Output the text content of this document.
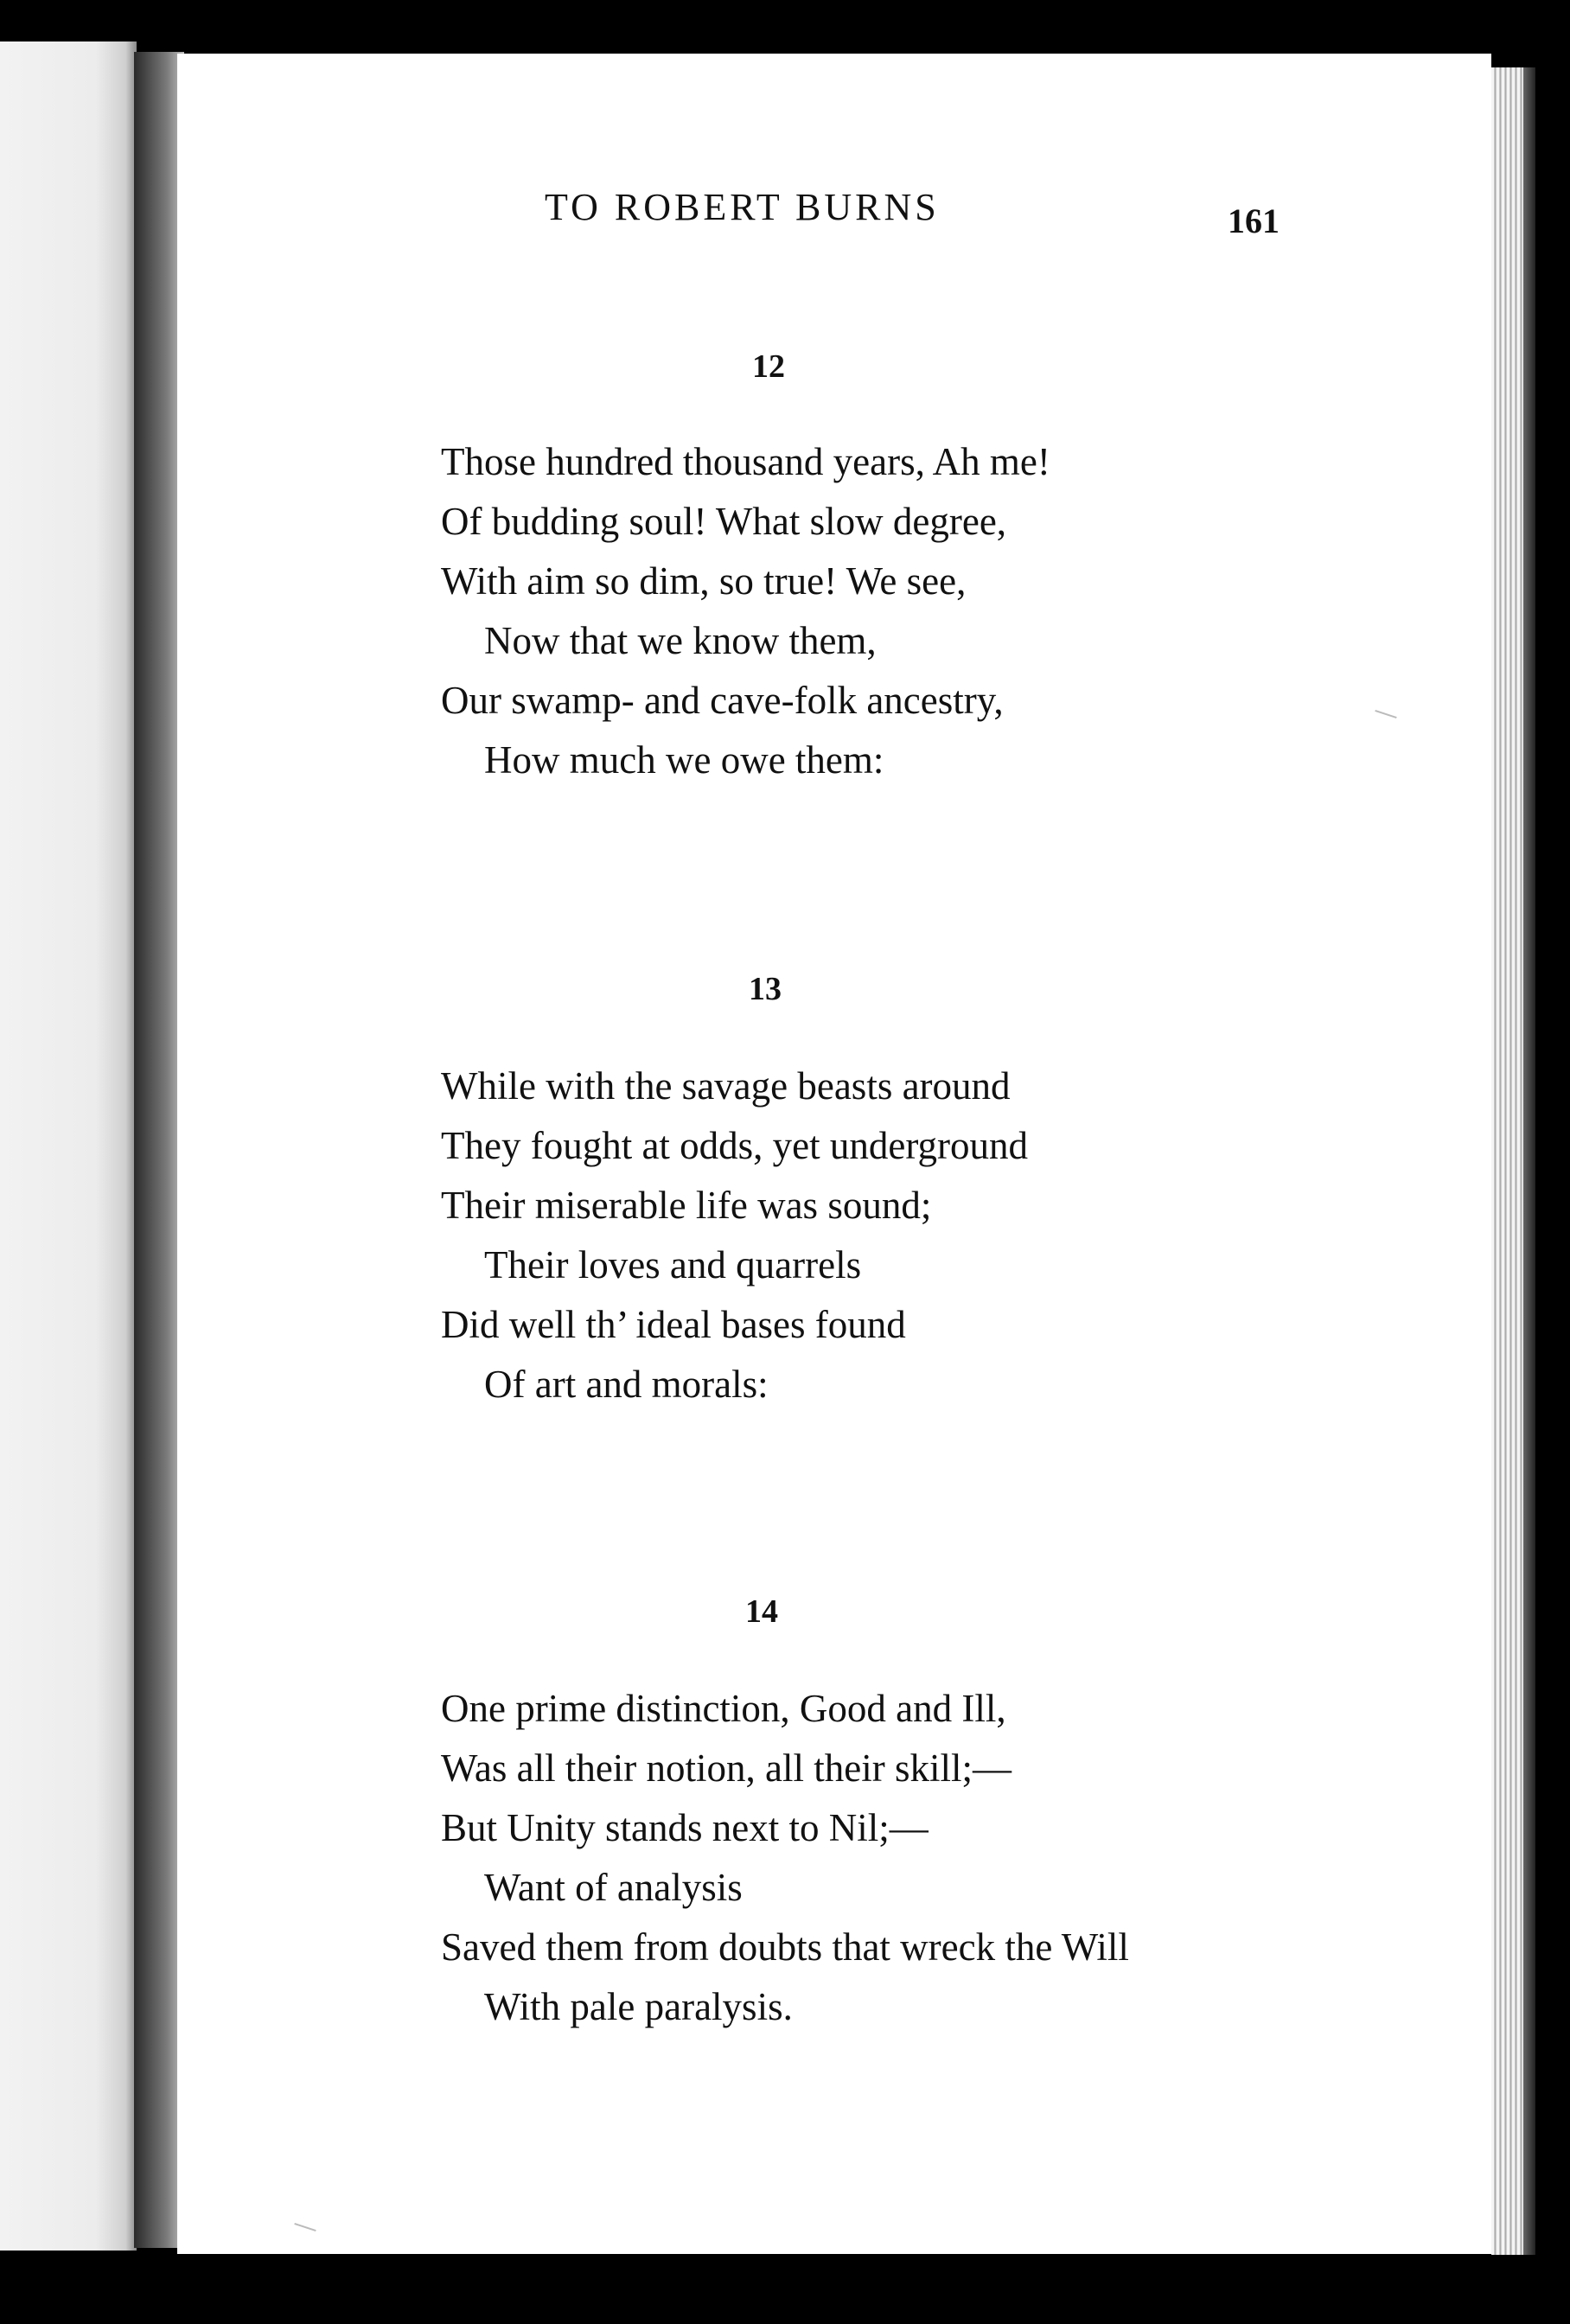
TO ROBERT BURNS	161
12
Those hundred thousand years, Ah me!
Of budding soul! What slow degree,
With aim so dim, so true! We see,
Now that we know them,
Our swamp- and cave-folk ancestry,
How much we owe them:
13
While with the savage beasts around
They fought at odds, yet underground
Their miserable life was sound;
Their loves and quarrels
Did well th’ ideal bases found
Of art and morals:
14
One prime distinction, Good and Ill,
Was all their notion, all their skill;—
But Unity stands next to Nil;—
Want of analysis
Saved them from doubts that wreck the Will
With pale paralysis.
